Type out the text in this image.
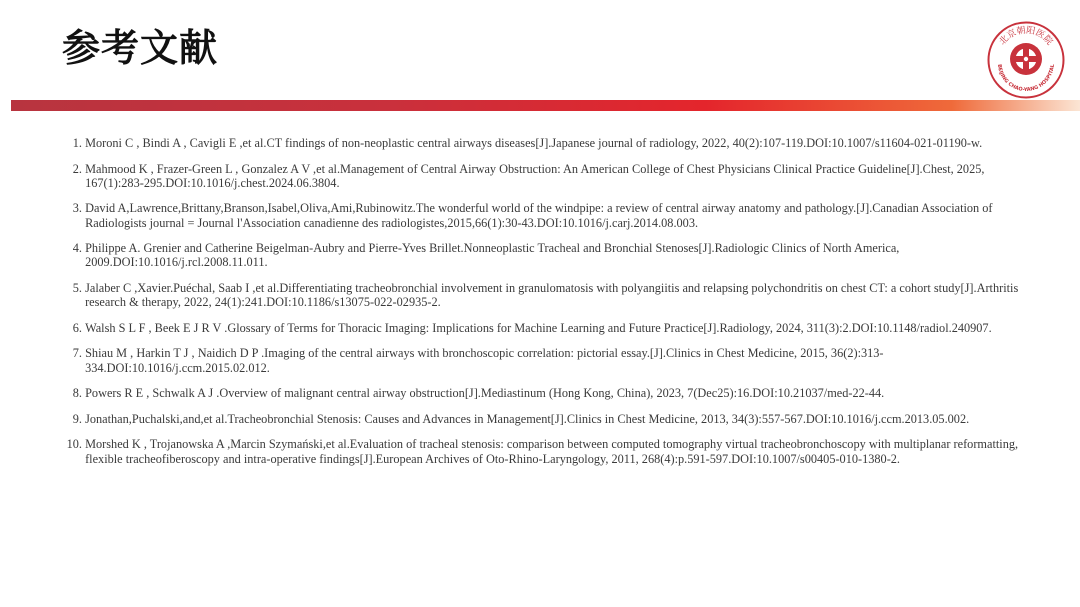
参考文献	北京朝阳医院
BEIJING CHAO-YANG HOSPITAL
1.
Moroni C , Bindi A , Cavigli E ,et al.CT findings of non-neoplastic central airways diseases[J].Japanese journal of radiology, 2022, 40(2):107-119.DOI:10.1007/s11604-021-01190-w.
2.
Mahmood K , Frazer-Green L , Gonzalez A V ,et al.Management of Central Airway Obstruction: An American College of Chest Physicians Clinical Practice Guideline[J].Chest, 2025, 167(1):283-295.DOI:10.1016/j.chest.2024.06.3804.
3.
David A,Lawrence,Brittany,Branson,Isabel,Oliva,Ami,Rubinowitz.The wonderful world of the windpipe: a review of central airway anatomy and pathology.[J].Canadian Association of Radiologists journal = Journal l'Association canadienne des radiologistes,2015,66(1):30-43.DOI:10.1016/j.carj.2014.08.003.
4.
Philippe A. Grenier and Catherine Beigelman-Aubry and Pierre-Yves Brillet.Nonneoplastic Tracheal and Bronchial Stenoses[J].Radiologic Clinics of North America, 2009.DOI:10.1016/j.rcl.2008.11.011.
5.
Jalaber C ,Xavier.Puéchal, Saab I ,et al.Differentiating tracheobronchial involvement in granulomatosis with polyangiitis and relapsing polychondritis on chest CT: a cohort study[J].Arthritis research & therapy, 2022, 24(1):241.DOI:10.1186/s13075-022-02935-2.
6.
Walsh S L F , Beek E J R V .Glossary of Terms for Thoracic Imaging: Implications for Machine Learning and Future Practice[J].Radiology, 2024, 311(3):2.DOI:10.1148/radiol.240907.
7.
Shiau M , Harkin T J , Naidich D P .Imaging of the central airways with bronchoscopic correlation: pictorial essay.[J].Clinics in Chest Medicine, 2015, 36(2):313-334.DOI:10.1016/j.ccm.2015.02.012.
8.
Powers R E , Schwalk A J .Overview of malignant central airway obstruction[J].Mediastinum (Hong Kong, China), 2023, 7(Dec25):16.DOI:10.21037/med-22-44.
9.
Jonathan,Puchalski,and,et al.Tracheobronchial Stenosis: Causes and Advances in Management[J].Clinics in Chest Medicine, 2013, 34(3):557-567.DOI:10.1016/j.ccm.2013.05.002.
10.
Morshed K , Trojanowska A ,Marcin Szymański,et al.Evaluation of tracheal stenosis: comparison between computed tomography virtual tracheobronchoscopy with multiplanar reformatting, flexible tracheofiberoscopy and intra-operative findings[J].European Archives of Oto-Rhino-Laryngology, 2011, 268(4):p.591-597.DOI:10.1007/s00405-010-1380-2.
